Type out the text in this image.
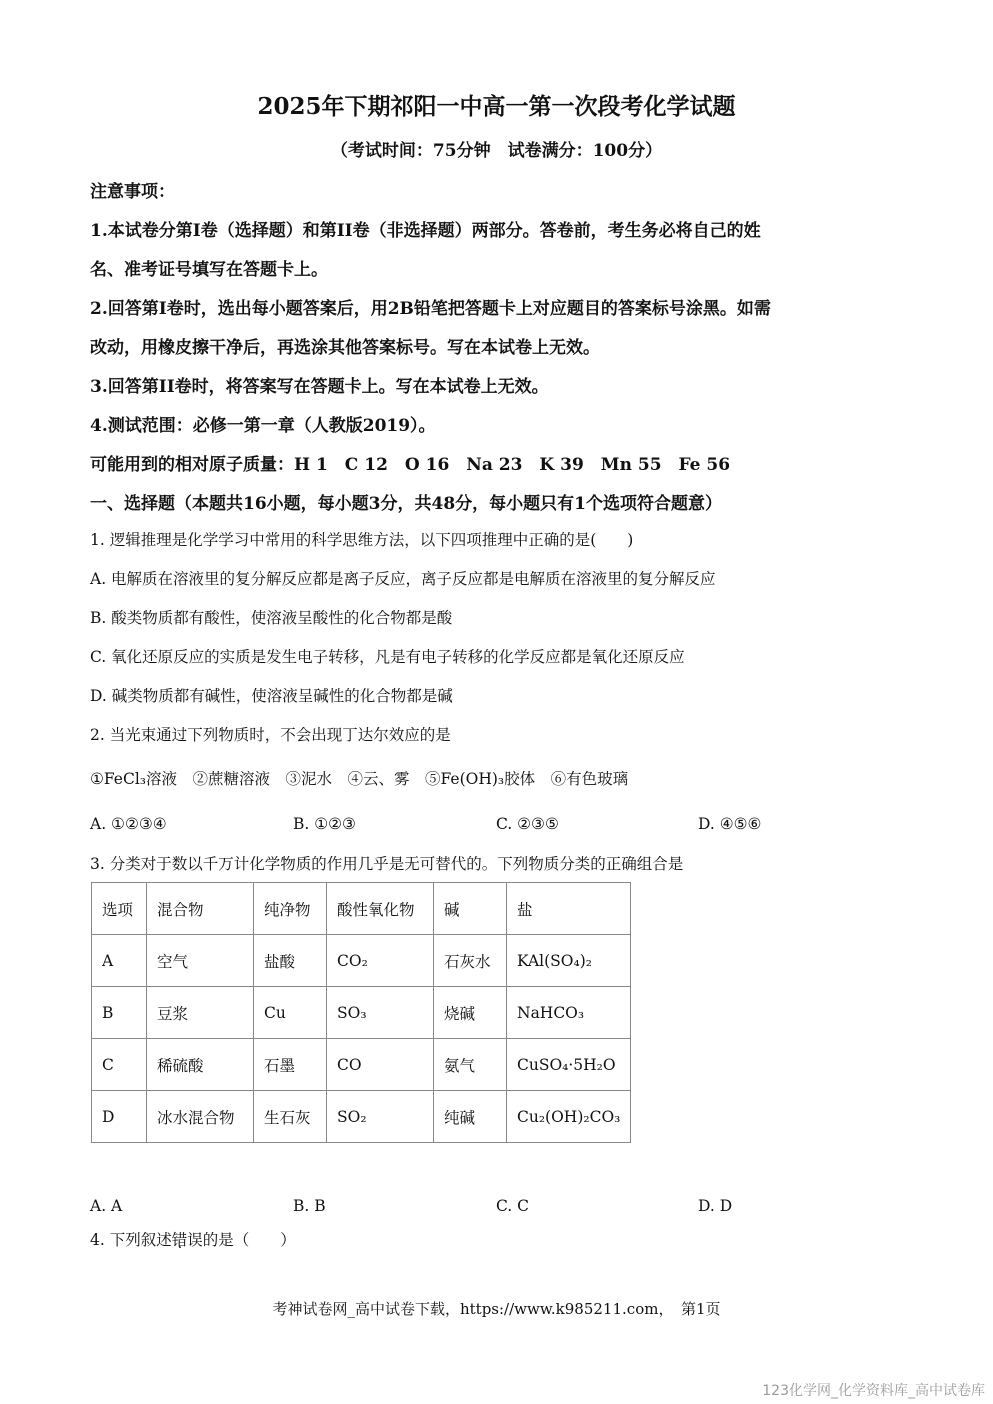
2025年下期祁阳一中高一第一次段考化学试题
（考试时间：75分钟　试卷满分：100分）
注意事项：
1.本试卷分第I卷（选择题）和第II卷（非选择题）两部分。答卷前，考生务必将自己的姓
名、准考证号填写在答题卡上。
2.回答第I卷时，选出每小题答案后，用2B铅笔把答题卡上对应题目的答案标号涂黑。如需
改动，用橡皮擦干净后，再选涂其他答案标号。写在本试卷上无效。
3.回答第II卷时，将答案写在答题卡上。写在本试卷上无效。
4.测试范围：必修一第一章（人教版2019）。
可能用到的相对原子质量：H 1　C 12　O 16　Na 23　K 39　Mn 55　Fe 56
一、选择题（本题共16小题，每小题3分，共48分，每小题只有1个选项符合题意）
1. 逻辑推理是化学学习中常用的科学思维方法，以下四项推理中正确的是(　　)
A. 电解质在溶液里的复分解反应都是离子反应，离子反应都是电解质在溶液里的复分解反应
B. 酸类物质都有酸性，使溶液呈酸性的化合物都是酸
C. 氧化还原反应的实质是发生电子转移，凡是有电子转移的化学反应都是氧化还原反应
D. 碱类物质都有碱性，使溶液呈碱性的化合物都是碱
2. 当光束通过下列物质时，不会出现丁达尔效应的是
①FeCl₃溶液　②蔗糖溶液　③泥水　④云、雾　⑤Fe(OH)₃胶体　⑥有色玻璃
A. ①②③④	B. ①②③	C. ②③⑤	D. ④⑤⑥
3. 分类对于数以千万计化学物质的作用几乎是无可替代的。下列物质分类的正确组合是
选项	混合物	纯净物	酸性氧化物	碱	盐
A	空气	盐酸	CO₂	石灰水	KAl(SO₄)₂
B	豆浆	Cu	SO₃	烧碱	NaHCO₃
C	稀硫酸	石墨	CO	氨气	CuSO₄·5H₂O
D	冰水混合物	生石灰	SO₂	纯碱	Cu₂(OH)₂CO₃
A. A	B. B	C. C	D. D
4. 下列叙述错误的是（　　）
考神试卷网_高中试卷下载，https://www.k985211.com，　第1页
123化学网_化学资料库_高中试卷库
